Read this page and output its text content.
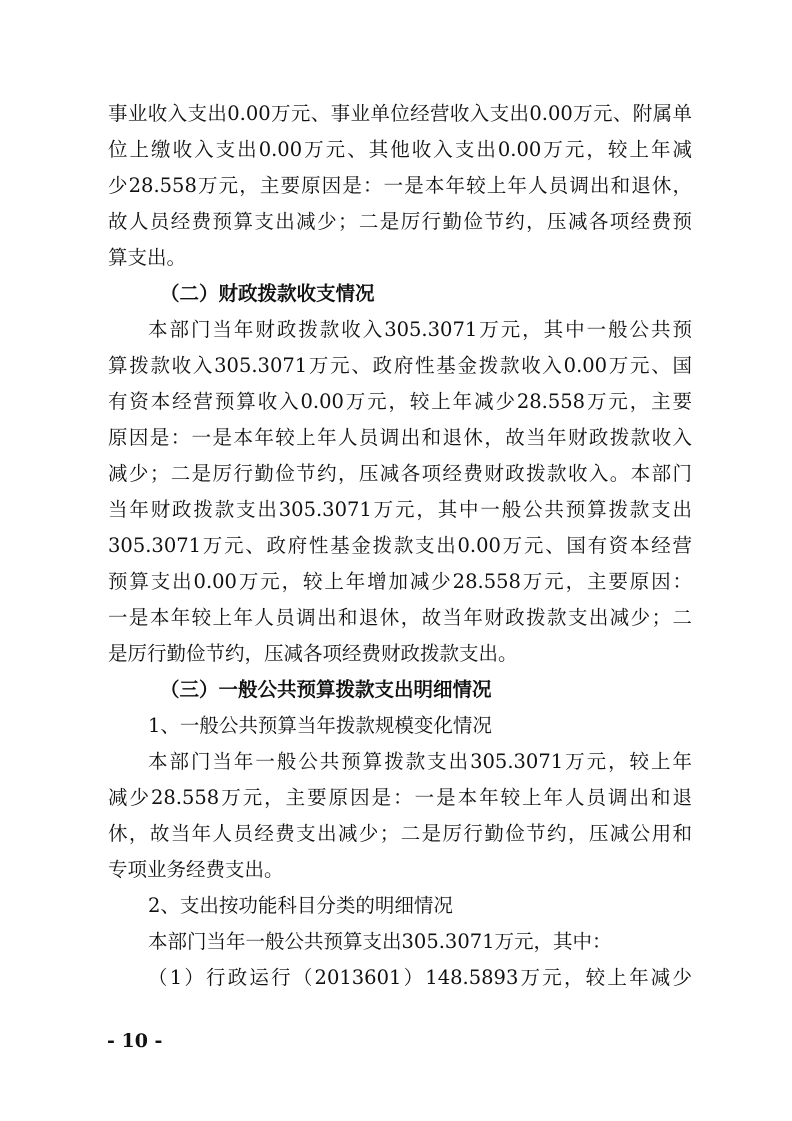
事业收入支出0.00万元、事业单位经营收入支出0.00万元、附属单
位上缴收入支出0.00万元、其他收入支出0.00万元，较上年减
少28.558万元，主要原因是：一是本年较上年人员调出和退休，
故人员经费预算支出减少；二是厉行勤俭节约，压减各项经费预
算支出。
（二）财政拨款收支情况
本部门当年财政拨款收入305.3071万元，其中一般公共预
算拨款收入305.3071万元、政府性基金拨款收入0.00万元、国
有资本经营预算收入0.00万元，较上年减少28.558万元，主要
原因是：一是本年较上年人员调出和退休，故当年财政拨款收入
减少；二是厉行勤俭节约，压减各项经费财政拨款收入。本部门
当年财政拨款支出305.3071万元，其中一般公共预算拨款支出
305.3071万元、政府性基金拨款支出0.00万元、国有资本经营
预算支出0.00万元，较上年增加减少28.558万元，主要原因：
一是本年较上年人员调出和退休，故当年财政拨款支出减少；二
是厉行勤俭节约，压减各项经费财政拨款支出。
（三）一般公共预算拨款支出明细情况
1、一般公共预算当年拨款规模变化情况
本部门当年一般公共预算拨款支出305.3071万元，较上年
减少28.558万元，主要原因是：一是本年较上年人员调出和退
休，故当年人员经费支出减少；二是厉行勤俭节约，压减公用和
专项业务经费支出。
2、支出按功能科目分类的明细情况
本部门当年一般公共预算支出305.3071万元，其中：
（1）行政运行（2013601）148.5893万元，较上年减少
- 10 -
